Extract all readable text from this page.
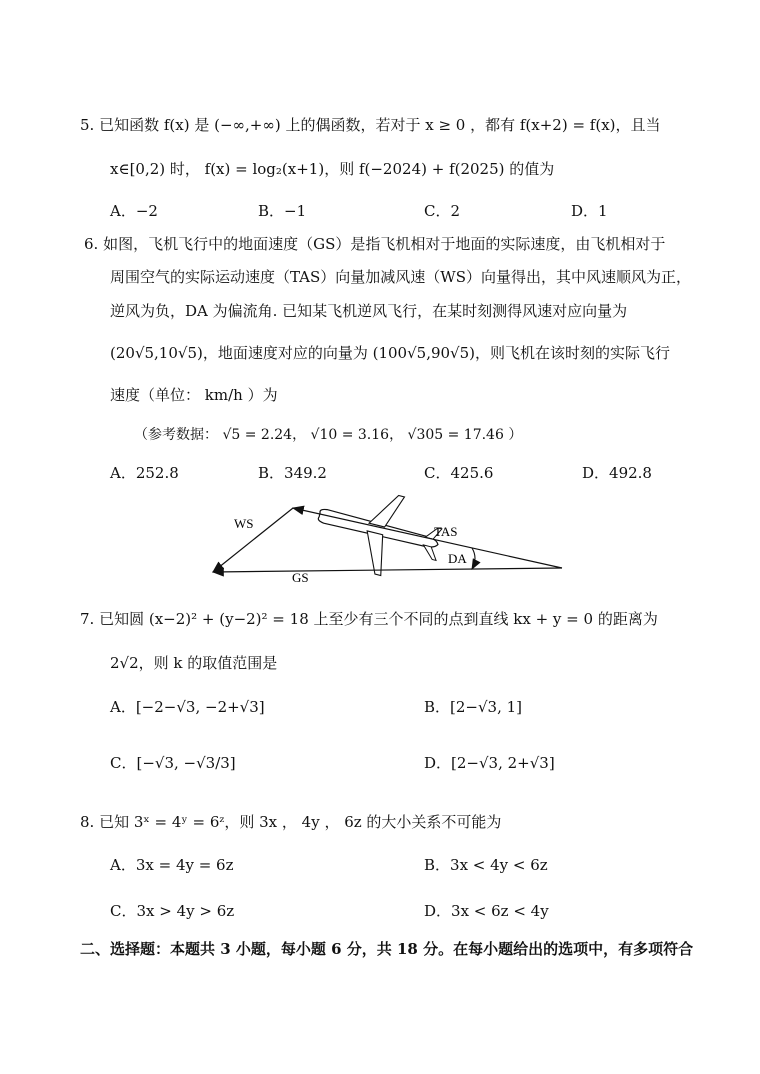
5. 已知函数 f(x) 是 (−∞,+∞) 上的偶函数，若对于 x ≥ 0 ，都有 f(x+2) = f(x)，且当
x∈[0,2) 时， f(x) = log₂(x+1)，则 f(−2024) + f(2025) 的值为
A．−2	B．−1	C．2	D．1
6. 如图，飞机飞行中的地面速度（GS）是指飞机相对于地面的实际速度，由飞机相对于
周围空气的实际运动速度（TAS）向量加减风速（WS）向量得出，其中风速顺风为正，
逆风为负，DA 为偏流角. 已知某飞机逆风飞行，在某时刻测得风速对应向量为
(20√5,10√5)，地面速度对应的向量为 (100√5,90√5)，则飞机在该时刻的实际飞行
速度（单位： km/h ）为
（参考数据： √5 = 2.24， √10 = 3.16， √305 = 17.46 ）
A．252.8	B．349.2	C．425.6	D．492.8
WS
TAS
DA
GS
7. 已知圆 (x−2)² + (y−2)² = 18 上至少有三个不同的点到直线 kx + y = 0 的距离为
2√2，则 k 的取值范围是
A．[−2−√3, −2+√3]	B．[2−√3, 1]
C．[−√3, −√3/3]	D．[2−√3, 2+√3]
8. 已知 3ˣ = 4ʸ = 6ᶻ，则 3x ， 4y ， 6z 的大小关系不可能为
A．3x = 4y = 6z	B．3x < 4y < 6z
C．3x > 4y > 6z	D．3x < 6z < 4y
二、选择题：本题共 3 小题，每小题 6 分，共 18 分。在每小题给出的选项中，有多项符合
